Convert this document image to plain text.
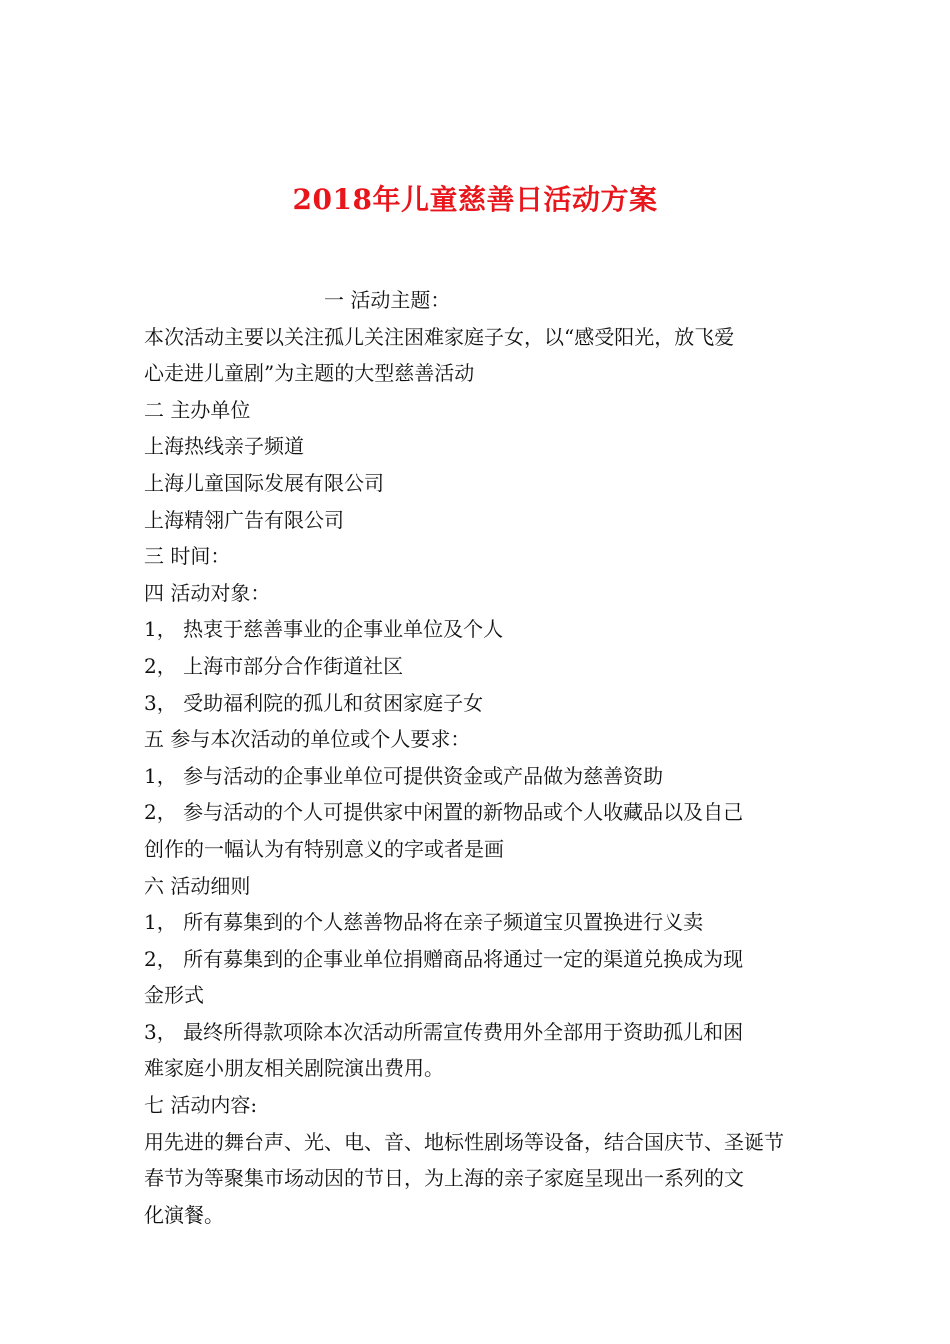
2018年儿童慈善日活动方案
一 活动主题：
本次活动主要以关注孤儿关注困难家庭子女，以“感受阳光，放飞爱
心走进儿童剧”为主题的大型慈善活动
二 主办单位
上海热线亲子频道
上海儿童国际发展有限公司
上海精翎广告有限公司
三 时间：
四 活动对象：
1， 热衷于慈善事业的企事业单位及个人
2， 上海市部分合作街道社区
3， 受助福利院的孤儿和贫困家庭子女
五 参与本次活动的单位或个人要求：
1， 参与活动的企事业单位可提供资金或产品做为慈善资助
2， 参与活动的个人可提供家中闲置的新物品或个人收藏品以及自己
创作的一幅认为有特别意义的字或者是画
六 活动细则
1， 所有募集到的个人慈善物品将在亲子频道宝贝置换进行义卖
2， 所有募集到的企事业单位捐赠商品将通过一定的渠道兑换成为现
金形式
3， 最终所得款项除本次活动所需宣传费用外全部用于资助孤儿和困
难家庭小朋友相关剧院演出费用。
七 活动内容:
用先进的舞台声、光、电、音、地标性剧场等设备，结合国庆节、圣诞节
春节为等聚集市场动因的节日，为上海的亲子家庭呈现出一系列的文
化演餐。
